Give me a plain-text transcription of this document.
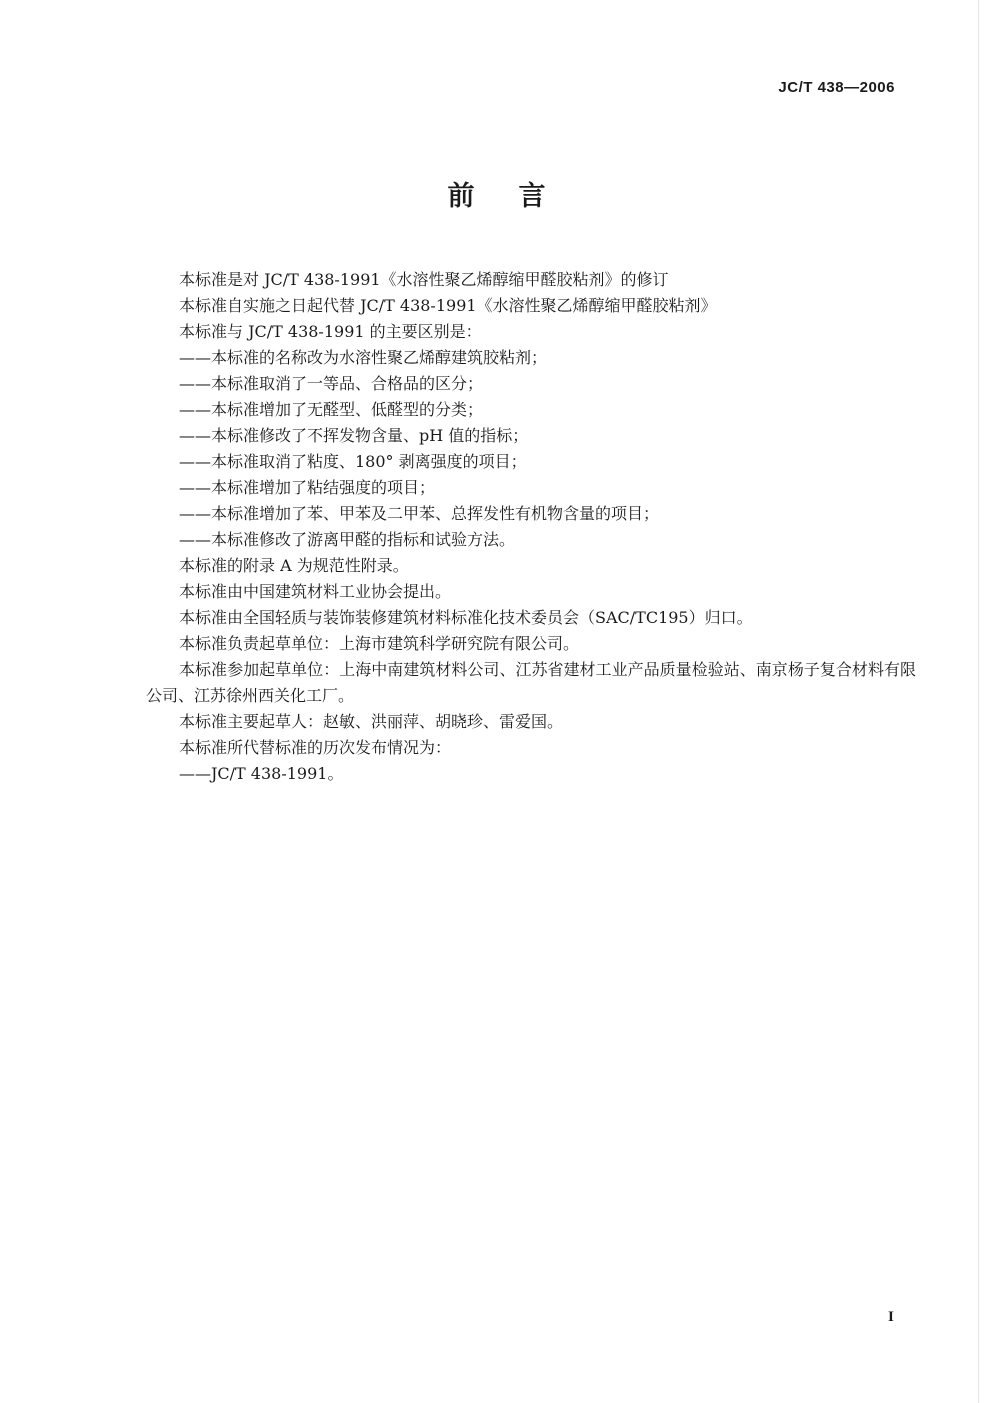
JC/T 438—2006
前言

本标准是对 JC/T 438-1991《水溶性聚乙烯醇缩甲醛胶粘剂》的修订

本标准自实施之日起代替 JC/T 438-1991《水溶性聚乙烯醇缩甲醛胶粘剂》

本标准与 JC/T 438-1991 的主要区别是：

——本标准的名称改为水溶性聚乙烯醇建筑胶粘剂；

——本标准取消了一等品、合格品的区分；

——本标准增加了无醛型、低醛型的分类；

——本标准修改了不挥发物含量、pH 值的指标；

——本标准取消了粘度、180° 剥离强度的项目；

——本标准增加了粘结强度的项目；

——本标准增加了苯、甲苯及二甲苯、总挥发性有机物含量的项目；

——本标准修改了游离甲醛的指标和试验方法。

本标准的附录 A 为规范性附录。

本标准由中国建筑材料工业协会提出。

本标准由全国轻质与装饰装修建筑材料标准化技术委员会（SAC/TC195）归口。

本标准负责起草单位：上海市建筑科学研究院有限公司。

本标准参加起草单位：上海中南建筑材料公司、江苏省建材工业产品质量检验站、南京杨子复合材料有限公司、江苏徐州西关化工厂。

本标准主要起草人：赵敏、洪丽萍、胡晓珍、雷爱国。

本标准所代替标准的历次发布情况为：

——JC/T 438-1991。

I
